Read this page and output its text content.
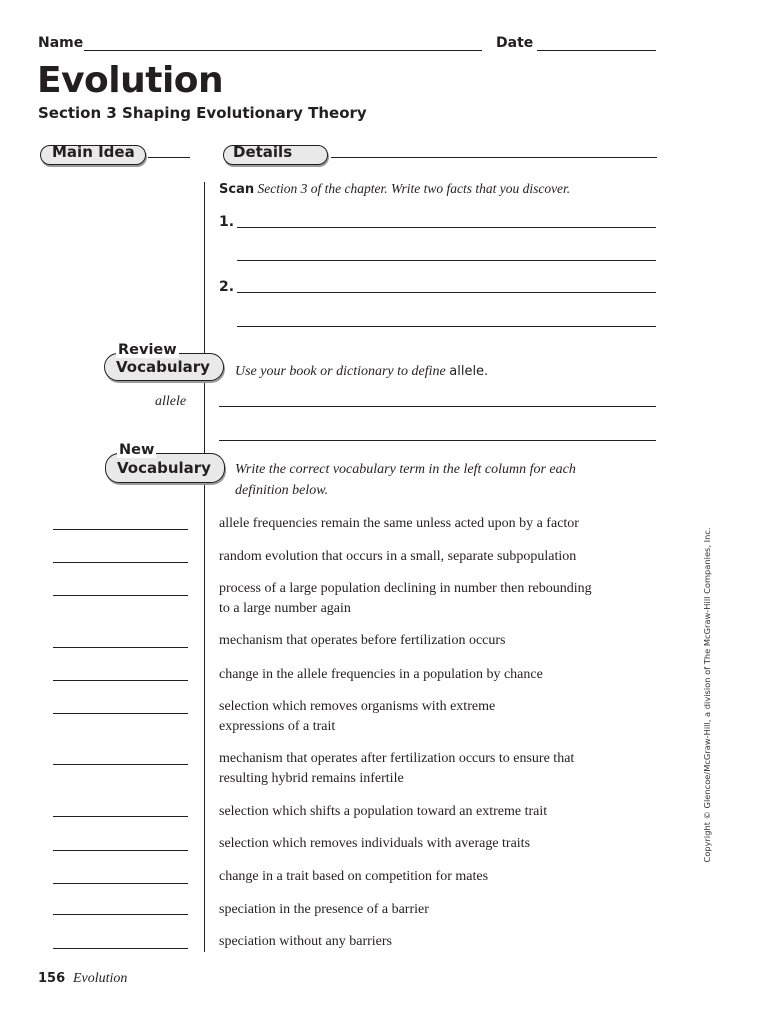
Name	Date
Evolution
Section 3 Shaping Evolutionary Theory
Main Idea	Details
Scan Section 3 of the chapter. Write two facts that you discover.
1.
2.
Review
Vocabulary Use your book or dictionary to define allele.
allele
New
Vocabulary Write the correct vocabulary term in the left column for each
definition below.
allele frequencies remain the same unless acted upon by a factor
random evolution that occurs in a small, separate subpopulation
process of a large population declining in number then rebounding
to a large number again
mechanism that operates before fertilization occurs
change in the allele frequencies in a population by chance
selection which removes organisms with extreme
expressions of a trait
mechanism that operates after fertilization occurs to ensure that
resulting hybrid remains infertile
selection which shifts a population toward an extreme trait
selection which removes individuals with average traits
change in a trait based on competition for mates
speciation in the presence of a barrier
speciation without any barriers
156 Evolution
Copyright © Glencoe/McGraw-Hill, a division of The McGraw-Hill Companies, Inc.
